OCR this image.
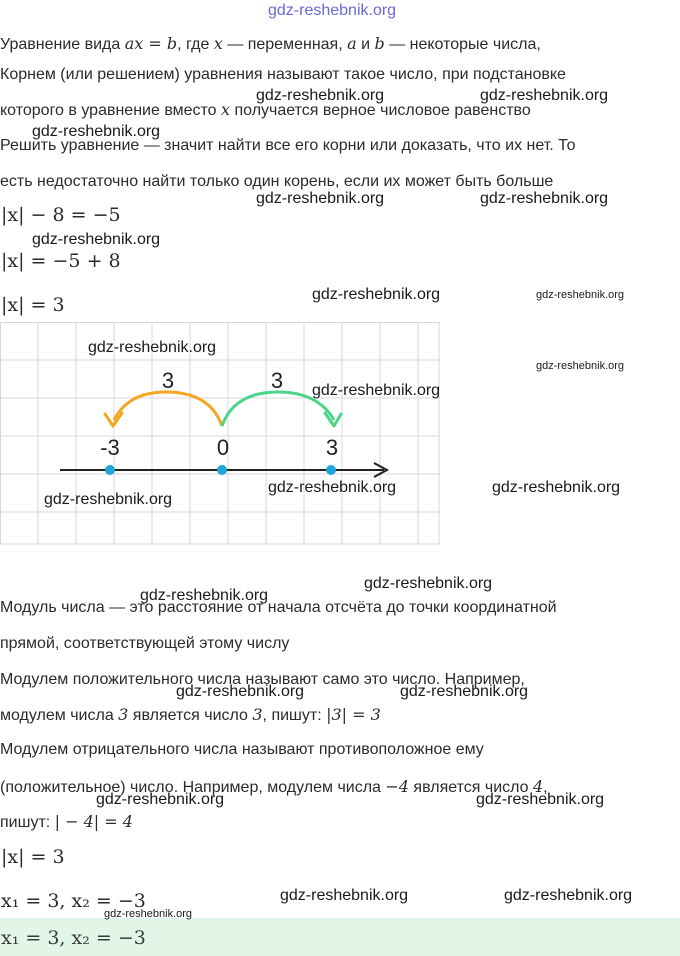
gdz-reshebnik.org
Уравнение вида ax = b, где x — переменная, a и b — некоторые числа,
Корнем (или решением) уравнения называют такое число, при подстановке
которого в уравнение вместо x получается верное числовое равенство
Решить уравнение — значит найти все его корни или доказать, что их нет. То
есть недостаточно найти только один корень, если их может быть больше
|x| − 8 = −5
|x| = −5 + 8
|x| = 3
3	3
-3	0	3
Модуль числа — это расстояние от начала отсчёта до точки координатной
прямой, соответствующей этому числу
Модулем положительного числа называют само это число. Например,
модулем числа 3 является число 3, пишут: |3| = 3
Модулем отрицательного числа называют противоположное ему
(положительное) число. Например, модулем числа −4 является число 4,
пишут: | − 4| = 4
|x| = 3
x₁ = 3, x₂ = −3
x₁ = 3, x₂ = −3
gdz-reshebnik.org	gdz-reshebnik.org
gdz-reshebnik.org
gdz-reshebnik.org	gdz-reshebnik.org
gdz-reshebnik.org
gdz-reshebnik.org	gdz-reshebnik.org
gdz-reshebnik.org
gdz-reshebnik.org
gdz-reshebnik.org
gdz-reshebnik.org
gdz-reshebnik.org	gdz-reshebnik.org
gdz-reshebnik.org
gdz-reshebnik.org
gdz-reshebnik.org	gdz-reshebnik.org
gdz-reshebnik.org	gdz-reshebnik.org
gdz-reshebnik.org	gdz-reshebnik.org
gdz-reshebnik.org
